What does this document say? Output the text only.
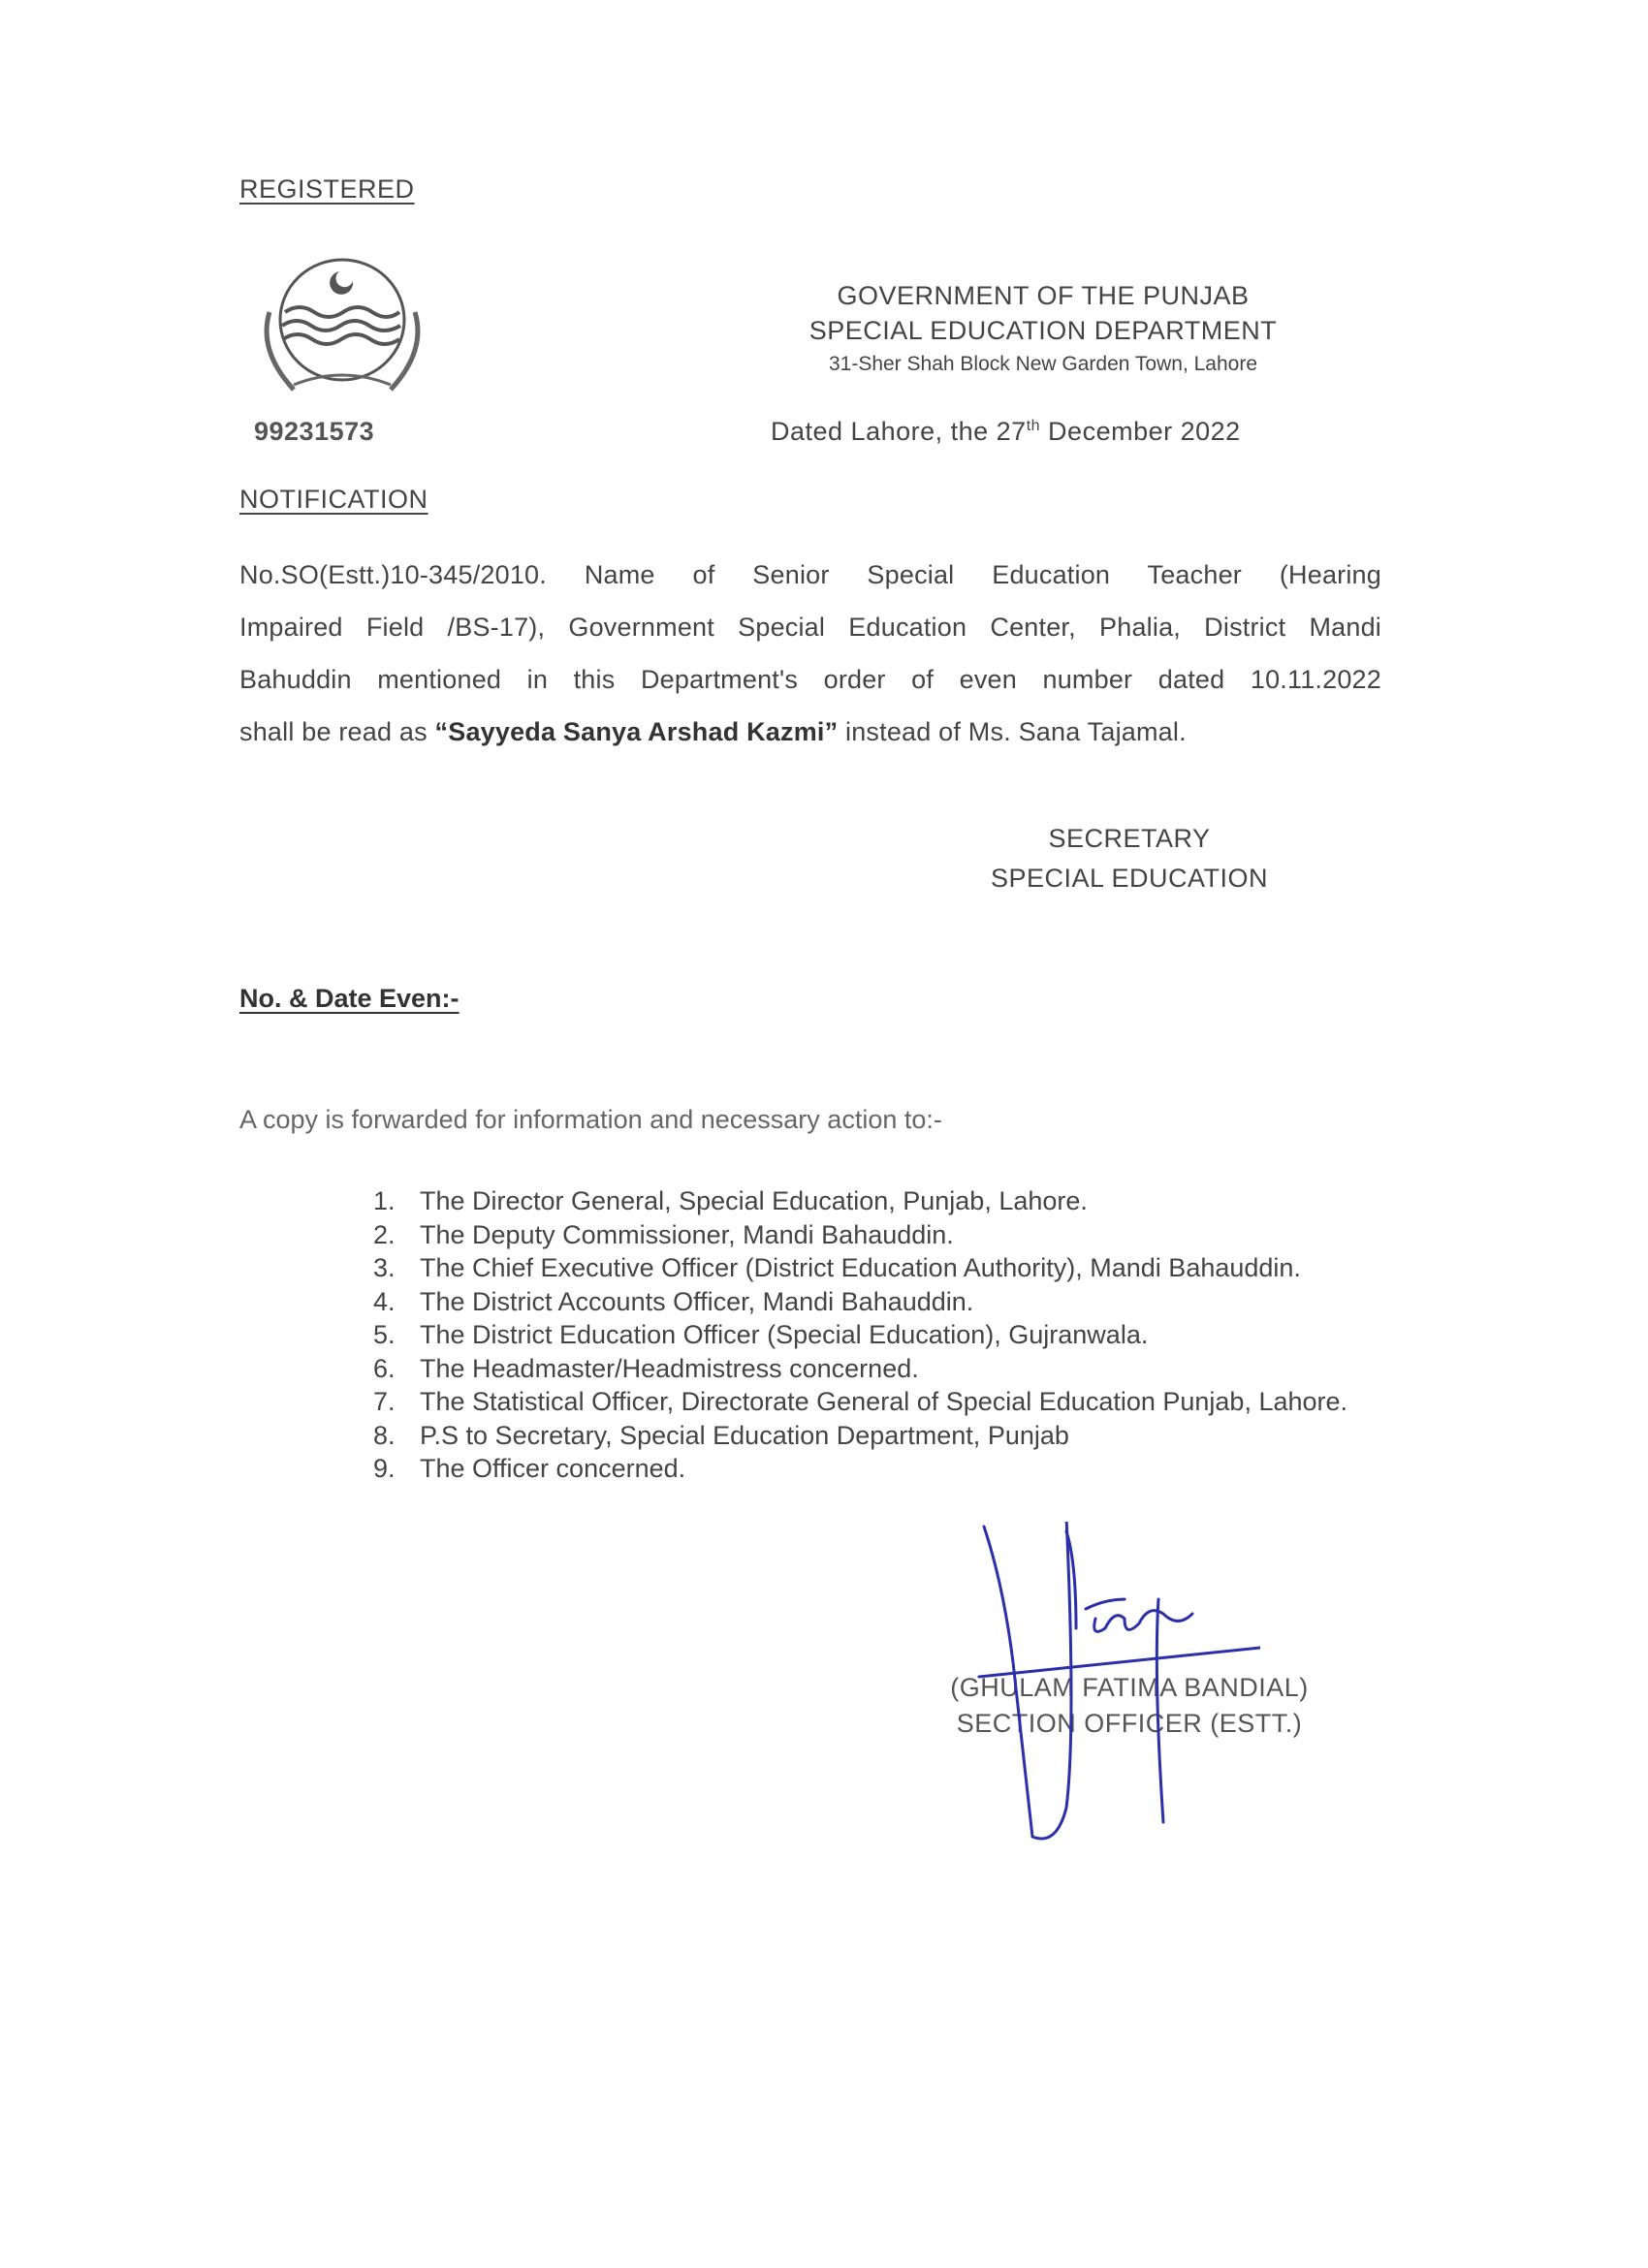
REGISTERED
GOVERNMENT OF THE PUNJAB
SPECIAL EDUCATION DEPARTMENT
31-Sher Shah Block New Garden Town, Lahore
99231573	Dated Lahore, the 27th December 2022
NOTIFICATION
No.SO(Estt.)10-345/2010. Name of Senior Special Education Teacher (Hearing
Impaired Field /BS-17), Government Special Education Center, Phalia, District Mandi
Bahuddin mentioned in this Department's order of even number dated 10.11.2022
shall be read as “Sayyeda Sanya Arshad Kazmi” instead of Ms. Sana Tajamal.
SECRETARY
SPECIAL EDUCATION
No. & Date Even:-
A copy is forwarded for information and necessary action to:-
1. The Director General, Special Education, Punjab, Lahore.
2. The Deputy Commissioner, Mandi Bahauddin.
3. The Chief Executive Officer (District Education Authority), Mandi Bahauddin.
4. The District Accounts Officer, Mandi Bahauddin.
5. The District Education Officer (Special Education), Gujranwala.
6. The Headmaster/Headmistress concerned.
7. The Statistical Officer, Directorate General of Special Education Punjab, Lahore.
8. P.S to Secretary, Special Education Department, Punjab
9. The Officer concerned.
(GHULAM FATIMA BANDIAL)
SECTION OFFICER (ESTT.)
